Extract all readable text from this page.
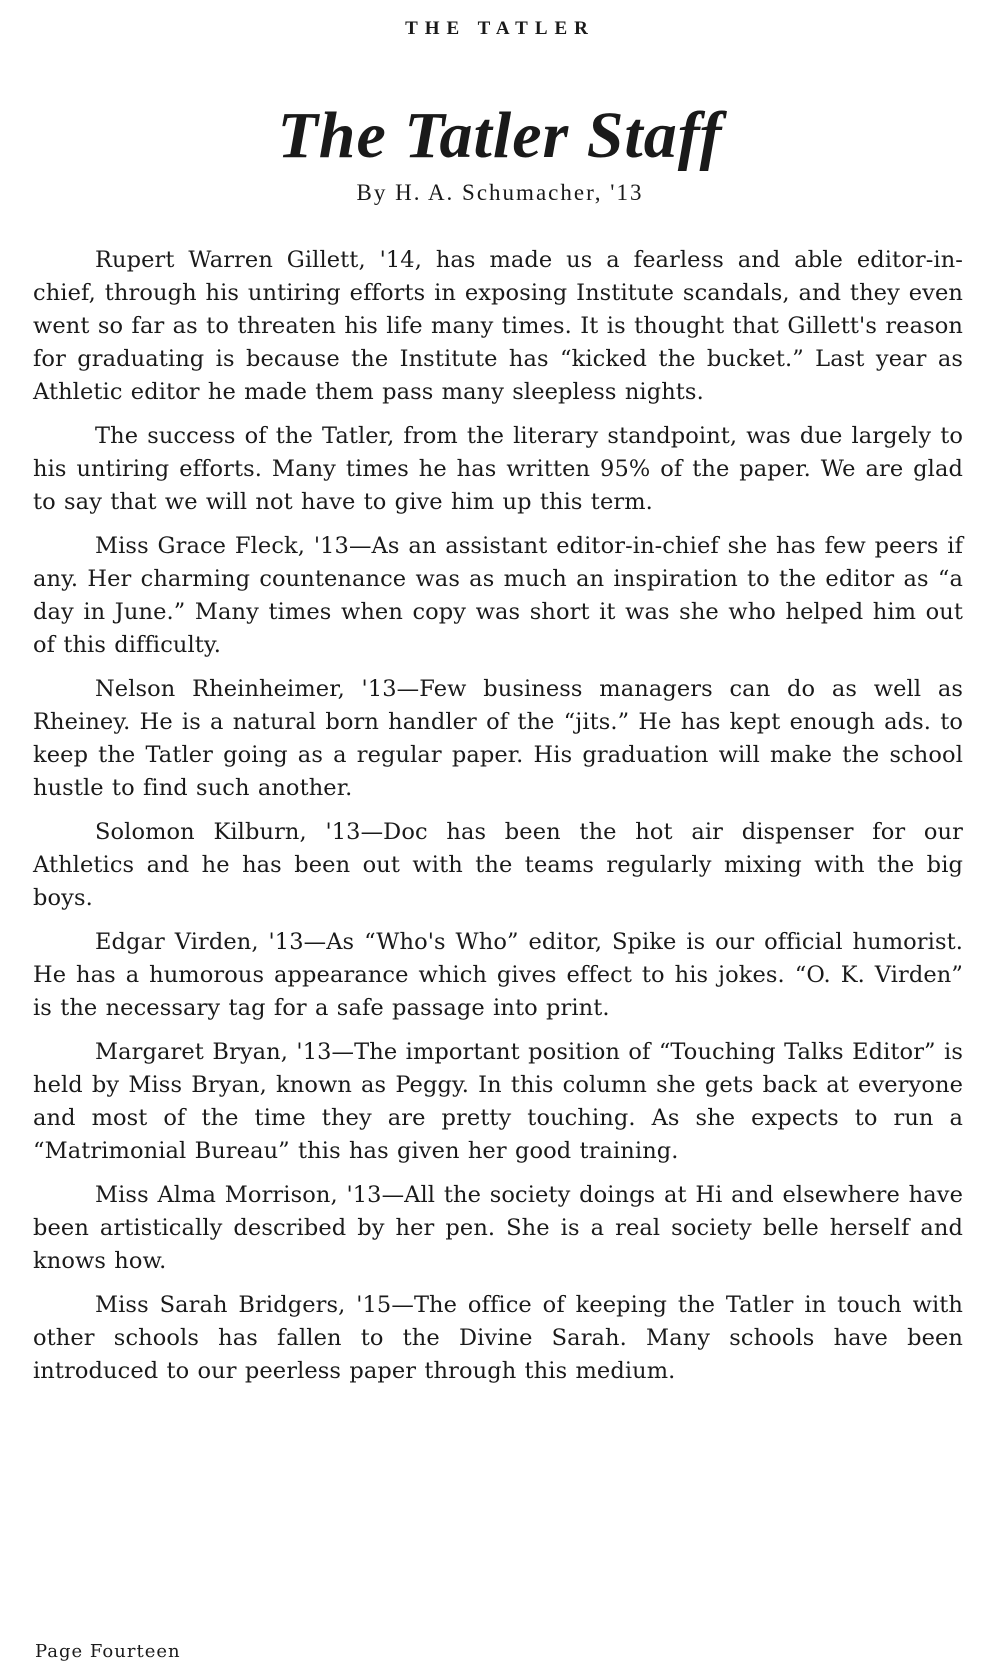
THE TATLER
The Tatler Staff
By H. A. Schumacher, '13

Rupert Warren Gillett, '14, has made us a fearless and able editor-in-chief, through his untiring efforts in exposing Institute scandals, and they even went so far as to threaten his life many times. It is thought that Gillett's reason for graduating is because the Institute has “kicked the bucket.” Last year as Athletic editor he made them pass many sleepless nights.

The success of the Tatler, from the literary standpoint, was due largely to his untiring efforts. Many times he has written 95% of the paper. We are glad to say that we will not have to give him up this term.

Miss Grace Fleck, '13—As an assistant editor-in-chief she has few peers if any. Her charming countenance was as much an inspiration to the editor as “a day in June.” Many times when copy was short it was she who helped him out of this difficulty.

Nelson Rheinheimer, '13—Few business managers can do as well as Rheiney. He is a natural born handler of the “jits.” He has kept enough ads. to keep the Tatler going as a regular paper. His graduation will make the school hustle to find such another.

Solomon Kilburn, '13—Doc has been the hot air dispenser for our Athletics and he has been out with the teams regularly mixing with the big boys.

Edgar Virden, '13—As “Who's Who” editor, Spike is our official humorist. He has a humorous appearance which gives effect to his jokes. “O. K. Virden” is the necessary tag for a safe passage into print.

Margaret Bryan, '13—The important position of “Touching Talks Editor” is held by Miss Bryan, known as Peggy. In this column she gets back at everyone and most of the time they are pretty touching. As she expects to run a “Matrimonial Bureau” this has given her good training.

Miss Alma Morrison, '13—All the society doings at Hi and elsewhere have been artistically described by her pen. She is a real society belle herself and knows how.

Miss Sarah Bridgers, '15—The office of keeping the Tatler in touch with other schools has fallen to the Divine Sarah. Many schools have been introduced to our peerless paper through this medium.

Page Fourteen
